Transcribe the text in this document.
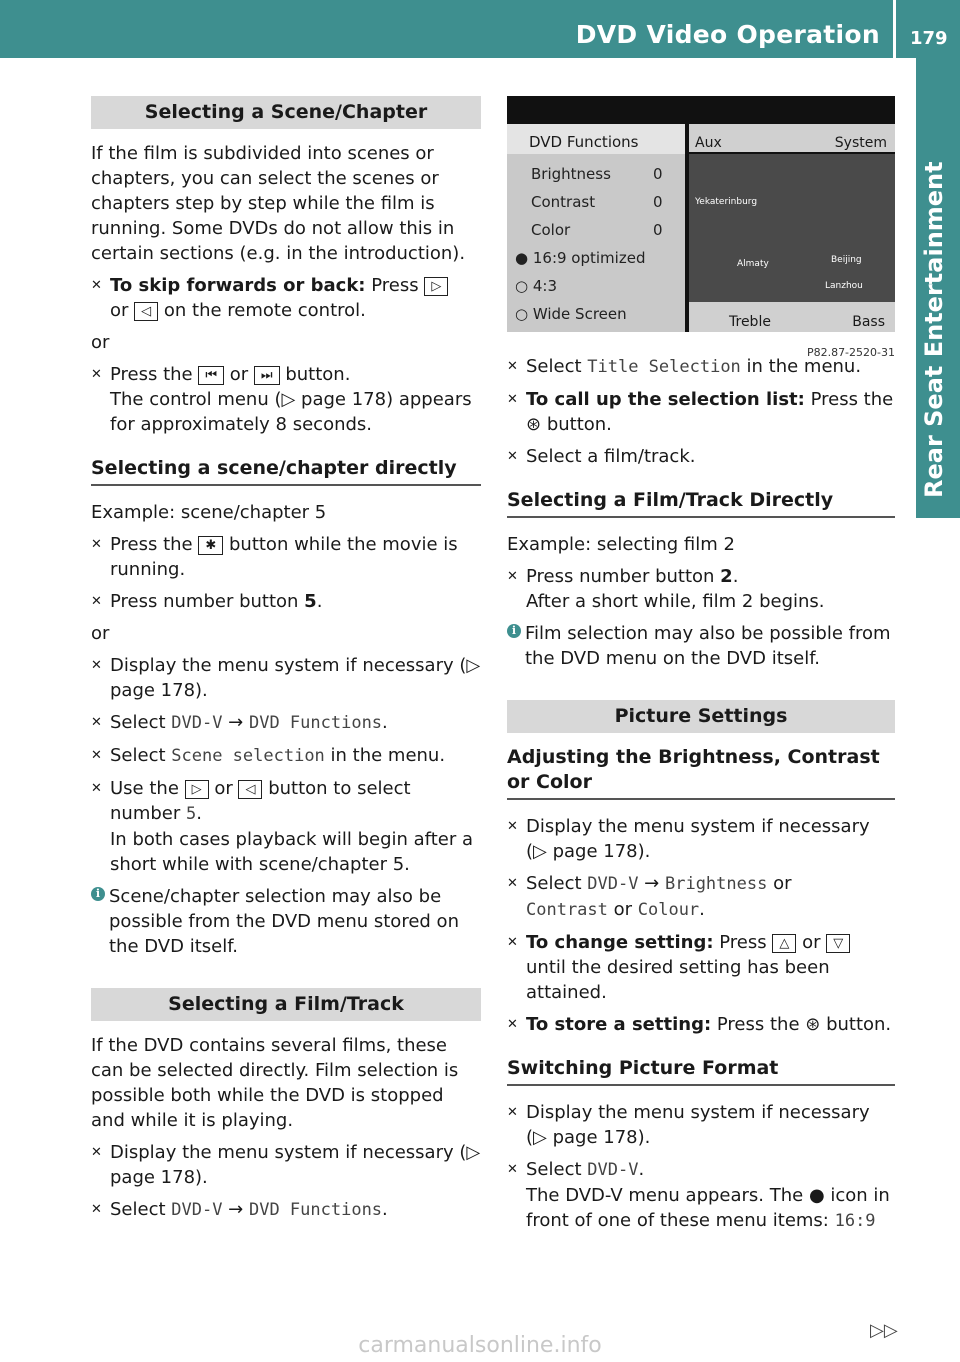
DVD Video Operation 179
Rear Seat Entertainment
Selecting a Scene/Chapter

If the film is subdivided into scenes or chapters, you can select the scenes or chapters step by step while the film is running. Some DVDs do not allow this in certain sections (e.g. in the introduction).

✕ To skip forwards or back: Press ▷
or ◁ on the remote control.

or

✕ Press the ⏮ or ⏭ button.
The control menu (▷ page 178) appears for approximately 8 seconds.
Selecting a scene/chapter directly

Example: scene/chapter 5

✕ Press the ✱ button while the movie is running.
✕ Press number button 5.

or

✕ Display the menu system if necessary (▷ page 178).
✕ Select DVD-V → DVD Functions.
✕ Select Scene selection in the menu.
✕ Use the ▷ or ◁ button to select number 5.
In both cases playback will begin after a short while with scene/chapter 5.
i Scene/chapter selection may also be possible from the DVD menu stored on the DVD itself.
Selecting a Film/Track

If the DVD contains several films, these can be selected directly. Film selection is possible both while the DVD is stopped and while it is playing.

✕ Display the menu system if necessary (▷ page 178).
✕ Select DVD-V → DVD Functions.
DVD Functions
Brightness	0
Contrast	0
Color	0
● 16:9 optimized
○ 4:3
○ Wide Screen
Aux	System
Yekaterinburg
Almaty	Beijing
Lanzhou
Treble	Bass
P82.87-2520-31
✕ Select Title Selection in the menu.
✕ To call up the selection list: Press the
⊛ button.
✕ Select a film/track.
Selecting a Film/Track Directly

Example: selecting film 2

✕ Press number button 2.
After a short while, film 2 begins.
i Film selection may also be possible from the DVD menu on the DVD itself.
Picture Settings
Adjusting the Brightness, Contrast or Color
✕ Display the menu system if necessary (▷ page 178).
✕ Select DVD-V → Brightness or
Contrast or Colour.
✕ To change setting: Press △ or ▽ until the desired setting has been attained.
✕ To store a setting: Press the ⊛ button.
Switching Picture Format
✕ Display the menu system if necessary (▷ page 178).
✕ Select DVD-V.
The DVD-V menu appears. The ● icon in front of one of these menu items: 16:9
▷▷
carmanualsonline.info
